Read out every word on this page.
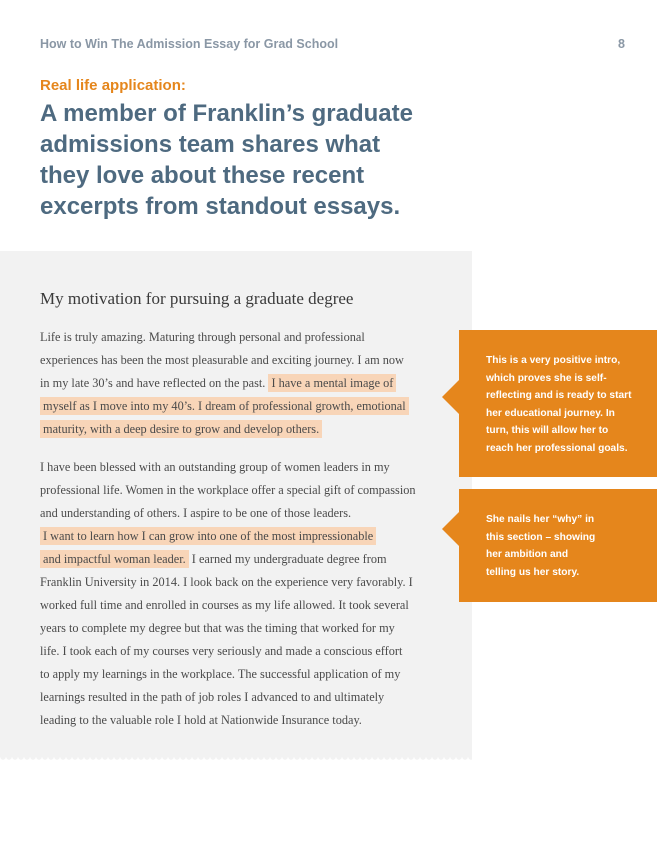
How to Win The Admission Essay for Grad School	8
Real life application:
A member of Franklin’s graduate
admissions team shares what
they love about these recent
excerpts from standout essays.
My motivation for pursuing a graduate degree
Life is truly amazing. Maturing through personal and professional
experiences has been the most pleasurable and exciting journey. I am now
in my late 30’s and have reflected on the past. I have a mental image of
myself as I move into my 40’s. I dream of professional growth, emotional
maturity, with a deep desire to grow and develop others.
I have been blessed with an outstanding group of women leaders in my
professional life. Women in the workplace offer a special gift of compassion
and understanding of others. I aspire to be one of those leaders.
I want to learn how I can grow into one of the most impressionable
and impactful woman leader. I earned my undergraduate degree from
Franklin University in 2014. I look back on the experience very favorably. I
worked full time and enrolled in courses as my life allowed. It took several
years to complete my degree but that was the timing that worked for my
life. I took each of my courses very seriously and made a conscious effort
to apply my learnings in the workplace. The successful application of my
learnings resulted in the path of job roles I advanced to and ultimately
leading to the valuable role I hold at Nationwide Insurance today.
This is a very positive intro,
which proves she is self-
reflecting and is ready to start
her educational journey. In
turn, this will allow her to
reach her professional goals.
She nails her “why” in
this section – showing
her ambition and
telling us her story.
